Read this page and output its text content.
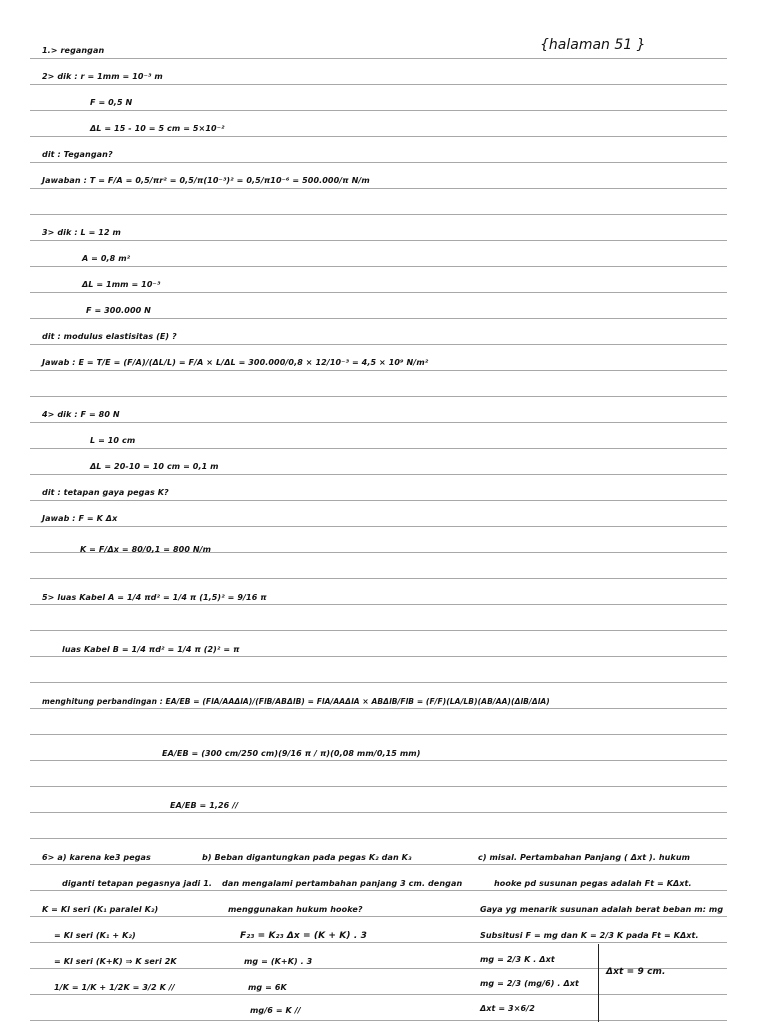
{halaman 51 }
1.> regangan
2> dik : r = 1mm = 10⁻³ m
F = 0,5 N
ΔL = 15 - 10 = 5 cm = 5×10⁻²
dit : Tegangan?
Jawaban : T = F/A = 0,5/πr² = 0,5/π(10⁻³)² = 0,5/π10⁻⁶ = 500.000/π N/m
3> dik : L = 12 m
A = 0,8 m²
ΔL = 1mm = 10⁻³
F = 300.000 N
dit : modulus elastisitas (E) ?
Jawab : E = T/E = (F/A)/(ΔL/L) = F/A × L/ΔL = 300.000/0,8 × 12/10⁻³ = 4,5 × 10⁹ N/m²
4> dik : F = 80 N
L = 10 cm
ΔL = 20-10 = 10 cm = 0,1 m
dit : tetapan gaya pegas K?
Jawab : F = K Δx
K = F/Δx = 80/0,1 = 800 N/m
5> luas Kabel A = 1/4 πd² = 1/4 π (1,5)² = 9/16 π
luas Kabel B = 1/4 πd² = 1/4 π (2)² = π
menghitung perbandingan : EA/EB = (FlA/AAΔlA)/(FlB/ABΔlB) = FlA/AAΔlA × ABΔlB/FlB = (F/F)(LA/LB)(AB/AA)(ΔlB/ΔlA)
EA/EB = (300 cm/250 cm)(9/16 π / π)(0,08 mm/0,15 mm)
EA/EB = 1,26 //
6> a) karena ke3 pegas
diganti tetapan pegasnya jadi 1.
K = Kl seri (K₁ paralel K₂)
= Kl seri (K₁ + K₂)
= Kl seri (K+K) ⇒ K seri 2K
1/K = 1/K + 1/2K = 3/2 K //
b) Beban digantungkan pada pegas K₂ dan K₃
dan mengalami pertambahan panjang 3 cm. dengan
menggunakan hukum hooke?
F₂₃ = K₂₃ Δx = (K + K) . 3
mg = (K+K) . 3
mg = 6K
mg/6 = K //
c) misal. Pertambahan Panjang ( Δxt ). hukum
hooke pd susunan pegas adalah Ft = KΔxt.
Gaya yg menarik susunan adalah berat beban m: mg
Subsitusi F = mg dan K = 2/3 K pada Ft = KΔxt.
mg = 2/3 K . Δxt
mg = 2/3 (mg/6) . Δxt
Δxt = 3×6/2
Δxt = 9 cm.
